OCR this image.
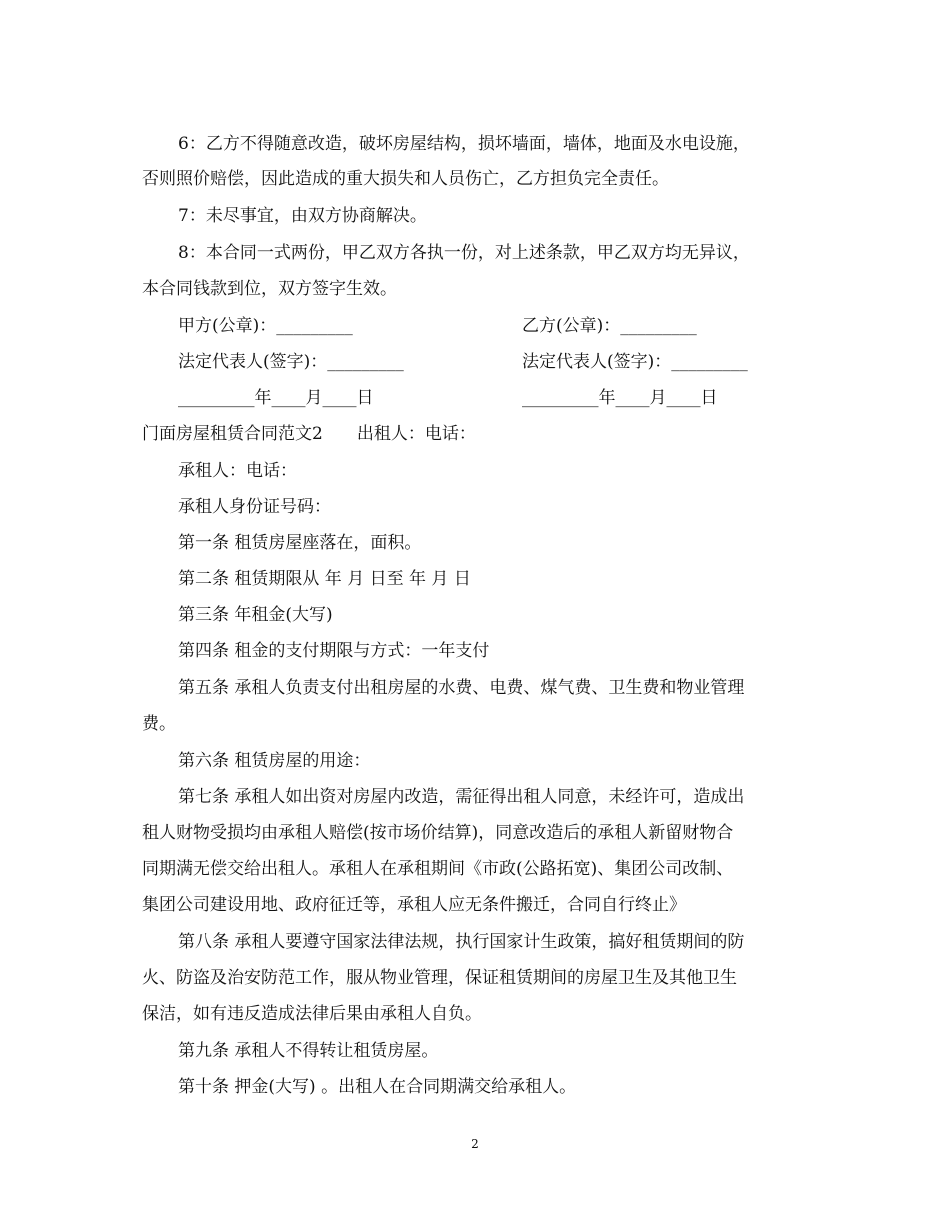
6：乙方不得随意改造，破坏房屋结构，损坏墙面，墙体，地面及水电设施，
否则照价赔偿，因此造成的重大损失和人员伤亡，乙方担负完全责任。
7：未尽事宜，由双方协商解决。
8：本合同一式两份，甲乙双方各执一份，对上述条款，甲乙双方均无异议，
本合同钱款到位，双方签字生效。
甲方(公章)：_________	乙方(公章)：_________
法定代表人(签字)：_________	法定代表人(签字)：_________
_________年____月____日	_________年____月____日
门面房屋租赁合同范文2　　出租人：电话：
承租人：电话：
承租人身份证号码：
第一条 租赁房屋座落在，面积。
第二条 租赁期限从 年 月 日至 年 月 日
第三条 年租金(大写)
第四条 租金的支付期限与方式：一年支付
第五条 承租人负责支付出租房屋的水费、电费、煤气费、卫生费和物业管理
费。
第六条 租赁房屋的用途：
第七条 承租人如出资对房屋内改造，需征得出租人同意，未经许可，造成出
租人财物受损均由承租人赔偿(按市场价结算)，同意改造后的承租人新留财物合
同期满无偿交给出租人。承租人在承租期间《市政(公路拓宽)、集团公司改制、
集团公司建设用地、政府征迁等，承租人应无条件搬迁，合同自行终止》
第八条 承租人要遵守国家法律法规，执行国家计生政策，搞好租赁期间的防
火、防盗及治安防范工作，服从物业管理，保证租赁期间的房屋卫生及其他卫生
保洁，如有违反造成法律后果由承租人自负。
第九条 承租人不得转让租赁房屋。
第十条 押金(大写) 。出租人在合同期满交给承租人。
2
